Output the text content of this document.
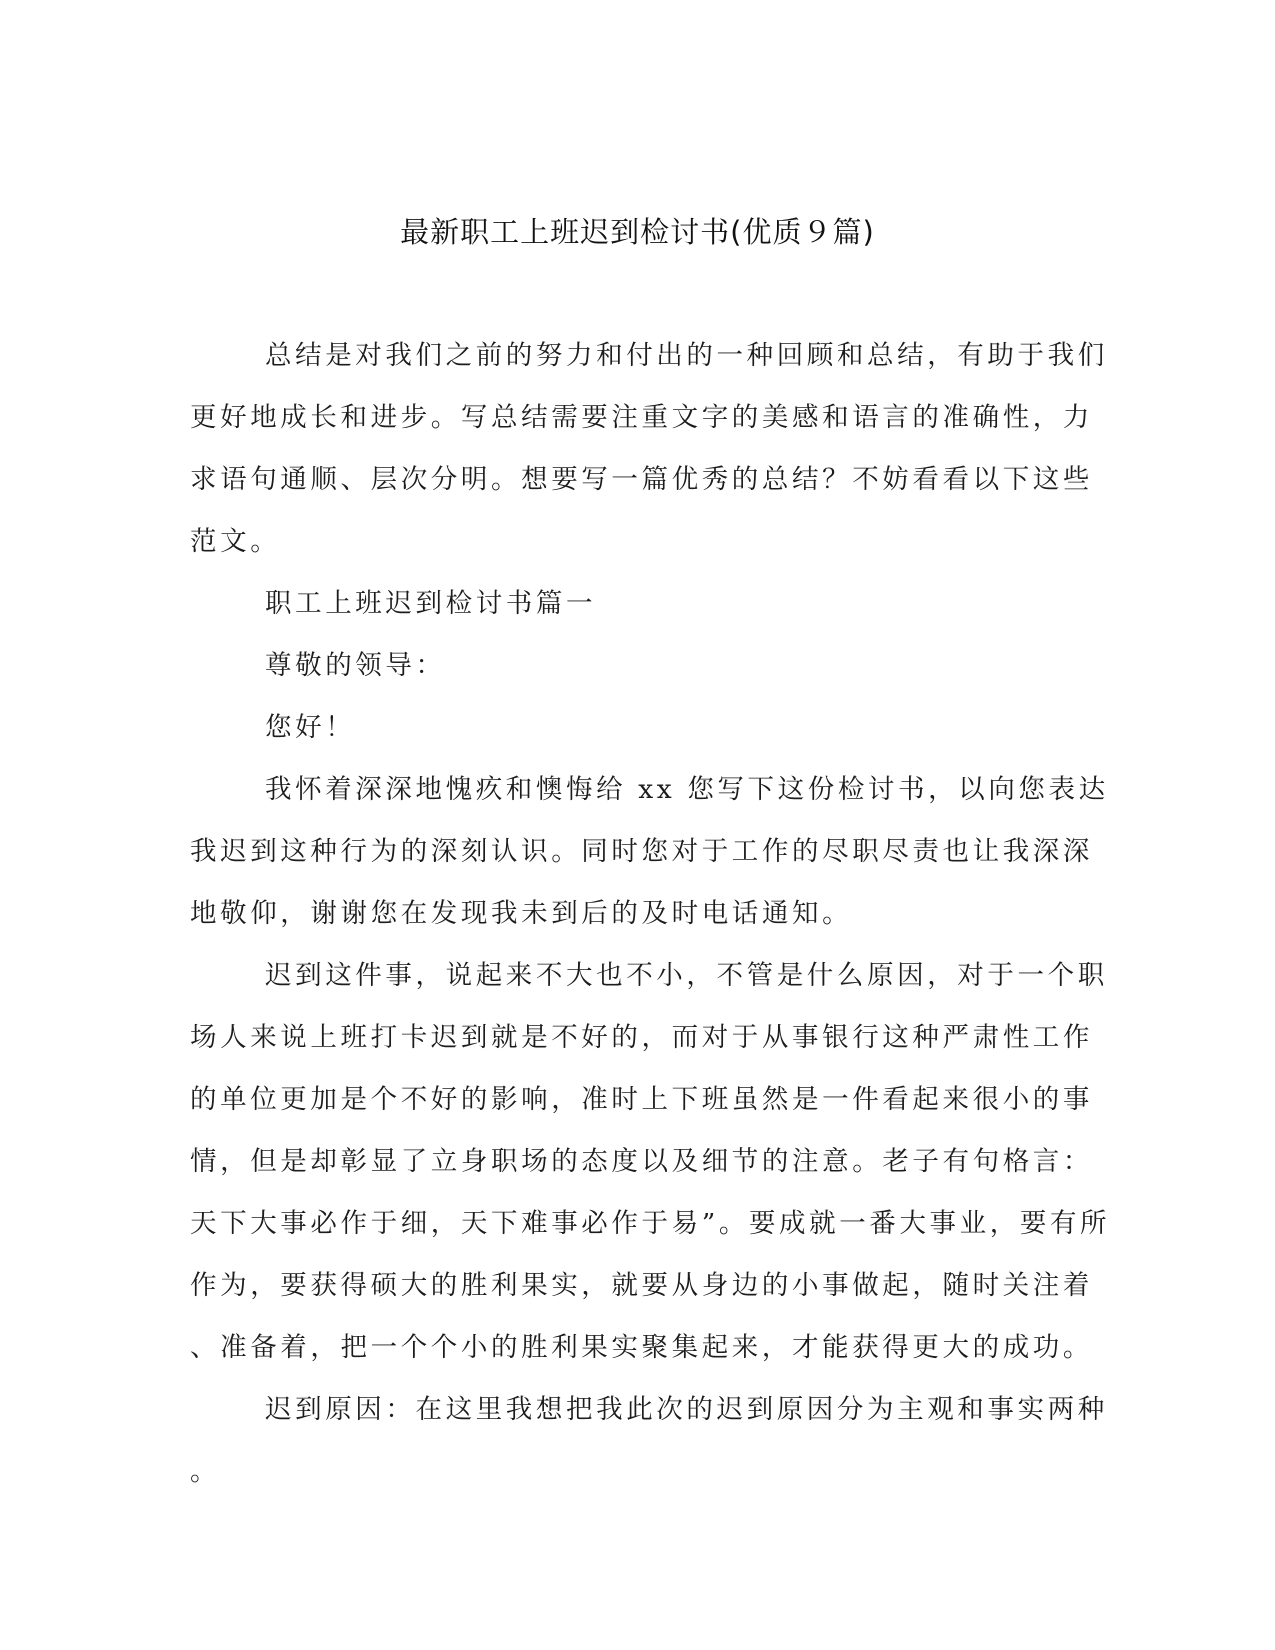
最新职工上班迟到检讨书(优质９篇)
总结是对我们之前的努力和付出的一种回顾和总结，有助于我们
更好地成长和进步。写总结需要注重文字的美感和语言的准确性，力
求语句通顺、层次分明。想要写一篇优秀的总结？不妨看看以下这些
范文。
职工上班迟到检讨书篇一
尊敬的领导：
您好！
我怀着深深地愧疚和懊悔给 xx 您写下这份检讨书，以向您表达
我迟到这种行为的深刻认识。同时您对于工作的尽职尽责也让我深深
地敬仰，谢谢您在发现我未到后的及时电话通知。
迟到这件事，说起来不大也不小，不管是什么原因，对于一个职
场人来说上班打卡迟到就是不好的，而对于从事银行这种严肃性工作
的单位更加是个不好的影响，准时上下班虽然是一件看起来很小的事
情，但是却彰显了立身职场的态度以及细节的注意。老子有句格言：
天下大事必作于细，天下难事必作于易”。要成就一番大事业，要有所
作为，要获得硕大的胜利果实，就要从身边的小事做起，随时关注着
、准备着，把一个个小的胜利果实聚集起来，才能获得更大的成功。
迟到原因：在这里我想把我此次的迟到原因分为主观和事实两种
。
